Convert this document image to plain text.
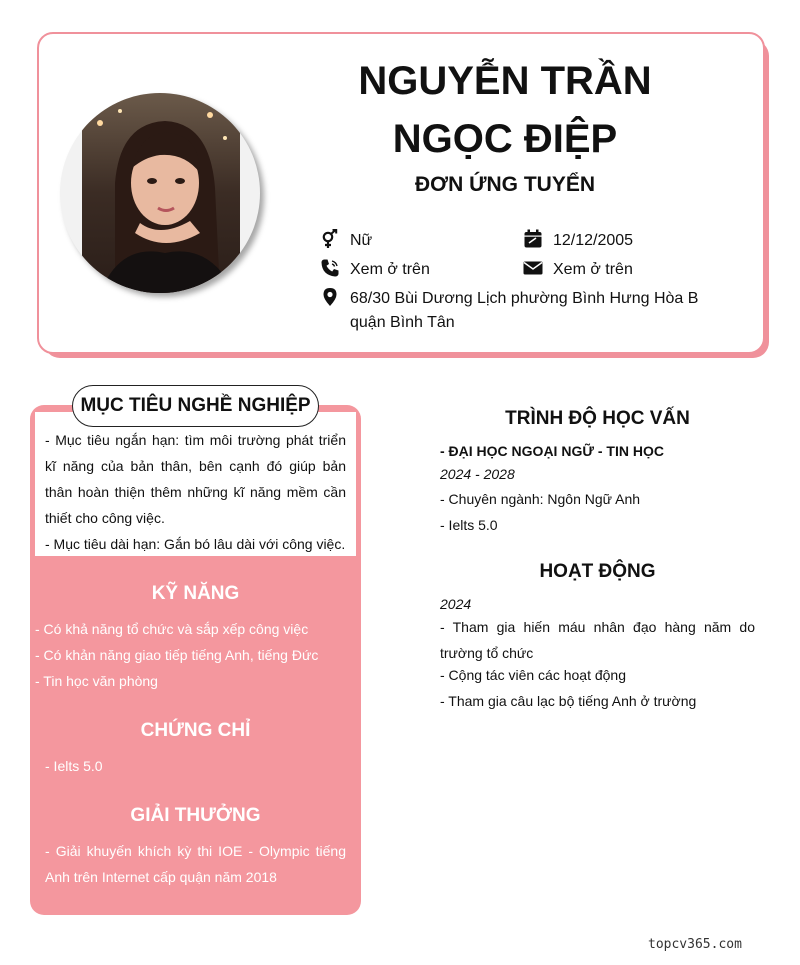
NGUYỄN TRẦN
NGỌC ĐIỆP
ĐƠN ỨNG TUYỂN
Nữ	12/12/2005
Xem ở trên	Xem ở trên
68/30 Bùi Dương Lịch phường Bình Hưng Hòa B
quận Bình Tân
MỤC TIÊU NGHỀ NGHIỆP
- Mục tiêu ngắn hạn: tìm môi trường phát triển kĩ năng của bản thân, bên cạnh đó giúp bản thân hoàn thiện thêm những kĩ năng mềm cần thiết cho công việc.
- Mục tiêu dài hạn: Gắn bó lâu dài với công việc.
KỸ NĂNG
- Có khả năng tổ chức và sắp xếp công việc
- Có khản năng giao tiếp tiếng Anh, tiếng Đức
- Tin học văn phòng
CHỨNG CHỈ
- Ielts 5.0
GIẢI THƯỞNG
- Giải khuyến khích kỳ thi IOE - Olympic tiếng Anh trên Internet cấp quận năm 2018
TRÌNH ĐỘ HỌC VẤN
- ĐẠI HỌC NGOẠI NGỮ - TIN HỌC
2024 - 2028
- Chuyên ngành: Ngôn Ngữ Anh
- Ielts 5.0
HOẠT ĐỘNG
2024
- Tham gia hiến máu nhân đạo hàng năm do trường tổ chức
- Cộng tác viên các hoạt động
- Tham gia câu lạc bộ tiếng Anh ở trường
topcv365.com
